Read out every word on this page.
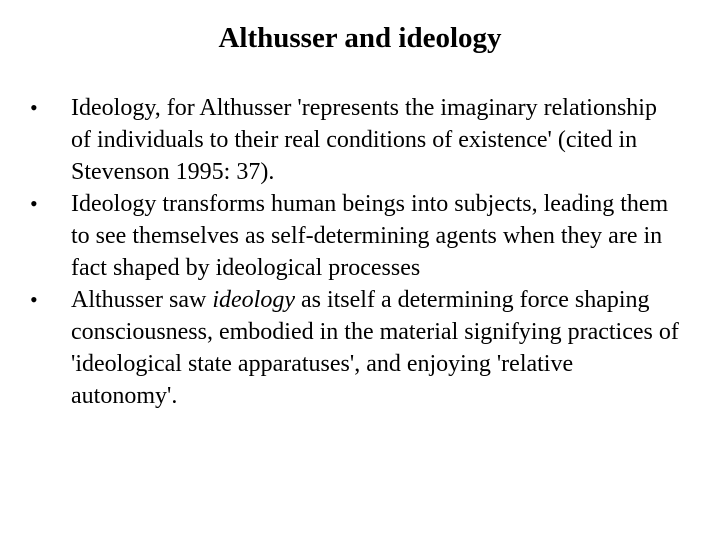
Althusser and ideology
•	Ideology, for Althusser 'represents the imaginary relationship of individuals to their real conditions of existence' (cited in Stevenson 1995: 37).
•	Ideology transforms human beings into subjects, leading them to see themselves as self-determining agents when they are in fact shaped by ideological processes
•	Althusser saw ideology as itself a determining force shaping consciousness, embodied in the material signifying practices of 'ideological state apparatuses', and enjoying 'relative autonomy'.
